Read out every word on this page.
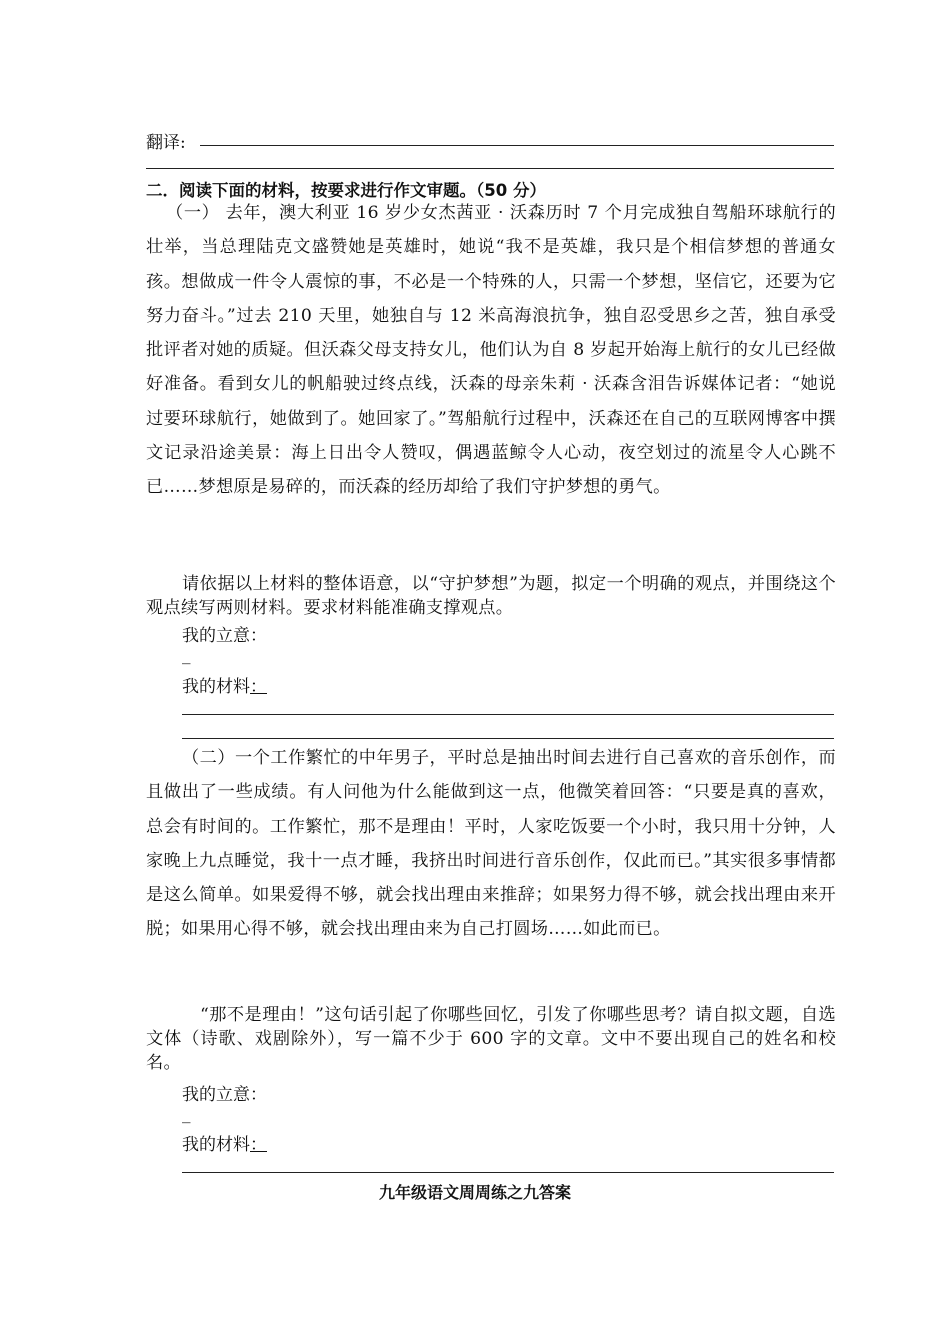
翻译:
二．阅读下面的材料，按要求进行作文审题。（50 分）
（一） 去年，澳大利亚 16 岁少女杰茜亚 · 沃森历时 7 个月完成独自驾船环球航行的壮举，当总理陆克文盛赞她是英雄时，她说“我不是英雄，我只是个相信梦想的普通女孩。想做成一件令人震惊的事，不必是一个特殊的人，只需一个梦想，坚信它，还要为它努力奋斗。”过去 210 天里，她独自与 12 米高海浪抗争，独自忍受思乡之苦，独自承受批评者对她的质疑。但沃森父母支持女儿，他们认为自 8 岁起开始海上航行的女儿已经做好准备。看到女儿的帆船驶过终点线，沃森的母亲朱莉 · 沃森含泪告诉媒体记者：“她说过要环球航行，她做到了。她回家了。”驾船航行过程中，沃森还在自己的互联网博客中撰文记录沿途美景：海上日出令人赞叹，偶遇蓝鲸令人心动，夜空划过的流星令人心跳不已……梦想原是易碎的，而沃森的经历却给了我们守护梦想的勇气。
请依据以上材料的整体语意，以“守护梦想”为题，拟定一个明确的观点，并围绕这个观点续写两则材料。要求材料能准确支撑观点。
我的立意：
_
我的材料：
（二）一个工作繁忙的中年男子，平时总是抽出时间去进行自己喜欢的音乐创作，而且做出了一些成绩。有人问他为什么能做到这一点，他微笑着回答：“只要是真的喜欢，总会有时间的。工作繁忙，那不是理由！平时，人家吃饭要一个小时，我只用十分钟，人家晚上九点睡觉，我十一点才睡，我挤出时间进行音乐创作，仅此而已。”其实很多事情都是这么简单。如果爱得不够，就会找出理由来推辞；如果努力得不够，就会找出理由来开脱；如果用心得不够，就会找出理由来为自己打圆场……如此而已。
“那不是理由！”这句话引起了你哪些回忆，引发了你哪些思考？请自拟文题，自选文体（诗歌、戏剧除外），写一篇不少于 600 字的文章。文中不要出现自己的姓名和校名。
我的立意：
_
我的材料：
九年级语文周周练之九答案
